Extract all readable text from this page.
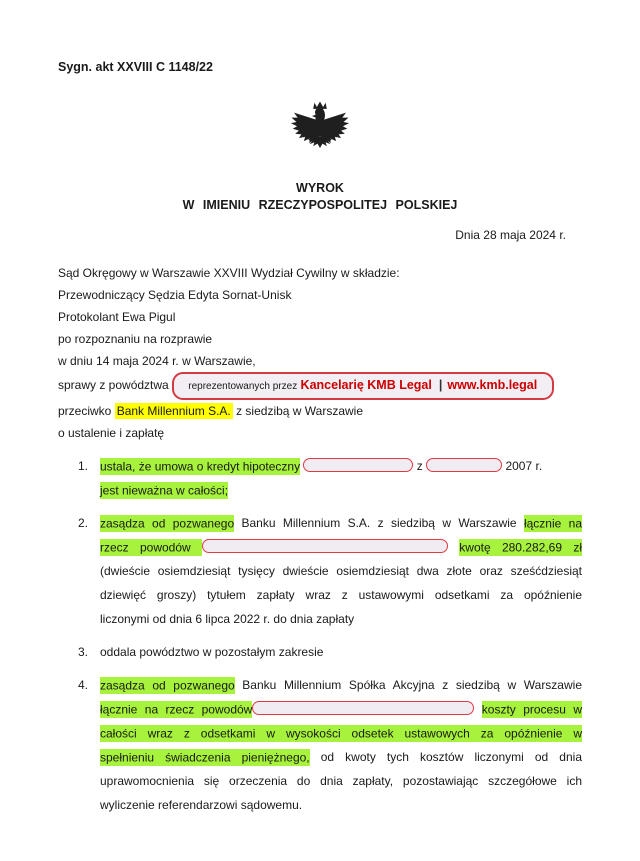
Sygn. akt XXVIII C 1148/22
WYROK
W IMIENIU RZECZYPOSPOLITEJ POLSKIEJ
Dnia 28 maja 2024 r.
Sąd Okręgowy w Warszawie XXVIII Wydział Cywilny w składzie:
Przewodniczący Sędzia Edyta Sornat-Unisk
Protokolant Ewa Pigul
po rozpoznaniu na rozprawie
w dniu 14 maja 2024 r. w Warszawie,
sprawy z powództwa reprezentowanych przez Kancelarię KMB Legal | www.kmb.legal
przeciwko Bank Millennium S.A. z siedzibą w Warszawie
o ustalenie i zapłatę
1. ustala, że umowa o kredyt hipoteczny	z	2007 r.
jest nieważna w całości;
2. zasądza od pozwanego Banku Millennium S.A. z siedzibą w Warszawie łącznie na
rzecz powodów	kwotę 280.282,69 zł
(dwieście osiemdziesiąt tysięcy dwieście osiemdziesiąt dwa złote oraz sześćdziesiąt
dziewięć groszy) tytułem zapłaty wraz z ustawowymi odsetkami za opóźnienie
liczonymi od dnia 6 lipca 2022 r. do dnia zapłaty
3. oddala powództwo w pozostałym zakresie
4. zasądza od pozwanego Banku Millennium Spółka Akcyjna z siedzibą w Warszawie
łącznie na rzecz powodów	koszty procesu w
całości wraz z odsetkami w wysokości odsetek ustawowych za opóźnienie w
spełnieniu świadczenia pieniężnego, od kwoty tych kosztów liczonymi od dnia
uprawomocnienia się orzeczenia do dnia zapłaty, pozostawiając szczegółowe ich
wyliczenie referendarzowi sądowemu.
